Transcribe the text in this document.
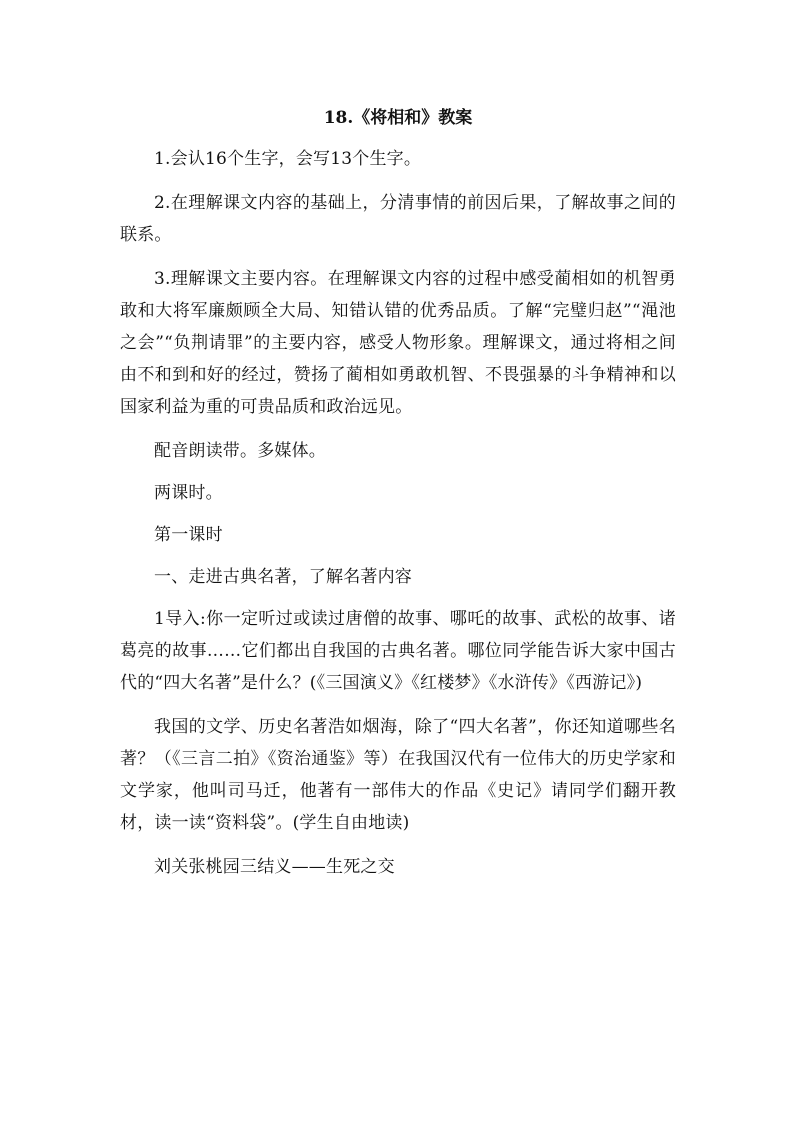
18.《将相和》教案
1.会认16个生字，会写13个生字。
2.在理解课文内容的基础上，分清事情的前因后果，了解故事之间的联系。
3.理解课文主要内容。在理解课文内容的过程中感受蔺相如的机智勇敢和大将军廉颇顾全大局、知错认错的优秀品质。了解“完璧归赵”“渑池之会”“负荆请罪”的主要内容，感受人物形象。理解课文，通过将相之间由不和到和好的经过，赞扬了蔺相如勇敢机智、不畏强暴的斗争精神和以国家利益为重的可贵品质和政治远见。
配音朗读带。多媒体。
两课时。
第一课时
一、走进古典名著，了解名著内容
1导入:你一定听过或读过唐僧的故事、哪吒的故事、武松的故事、诸葛亮的故事……它们都出自我国的古典名著。哪位同学能告诉大家中国古代的“四大名著”是什么？(《三国演义》《红楼梦》《水浒传》《西游记》)
我国的文学、历史名著浩如烟海，除了“四大名著”，你还知道哪些名著？（《三言二拍》《资治通鉴》等）在我国汉代有一位伟大的历史学家和文学家，他叫司马迁，他著有一部伟大的作品《史记》请同学们翻开教材，读一读“资料袋”。(学生自由地读)
刘关张桃园三结义——生死之交
